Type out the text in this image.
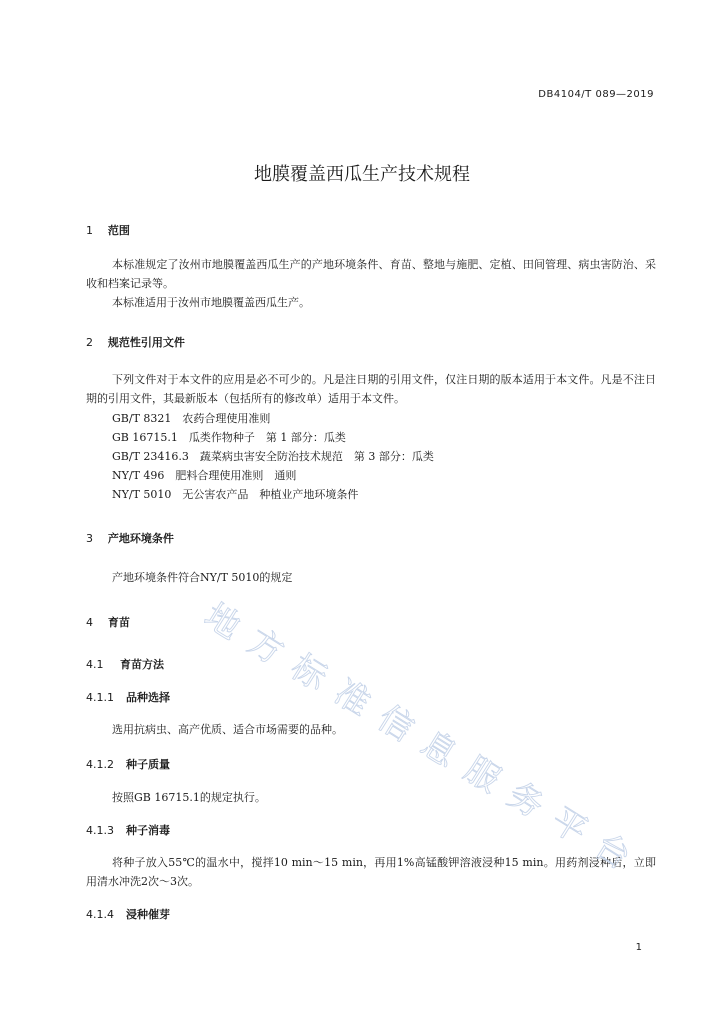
DB4104/T 089—2019
地膜覆盖西瓜生产技术规程
1 范围
本标准规定了汝州市地膜覆盖西瓜生产的产地环境条件、育苗、整地与施肥、定植、田间管理、病虫害防治、采收和档案记录等。
本标准适用于汝州市地膜覆盖西瓜生产。
2 规范性引用文件
下列文件对于本文件的应用是必不可少的。凡是注日期的引用文件，仅注日期的版本适用于本文件。凡是不注日期的引用文件，其最新版本（包括所有的修改单）适用于本文件。
GB/T 8321　农药合理使用准则
GB 16715.1　瓜类作物种子　第 1 部分：瓜类
GB/T 23416.3　蔬菜病虫害安全防治技术规范　第 3 部分：瓜类
NY/T 496　肥料合理使用准则　通则
NY/T 5010　无公害农产品　种植业产地环境条件
3 产地环境条件
产地环境条件符合NY/T 5010的规定
4 育苗
4.1 育苗方法
4.1.1 品种选择
选用抗病虫、高产优质、适合市场需要的品种。
4.1.2 种子质量
按照GB 16715.1的规定执行。
4.1.3 种子消毒
将种子放入55℃的温水中，搅拌10 min～15 min，再用1%高锰酸钾溶液浸种15 min。用药剂浸种后，立即用清水冲洗2次～3次。
4.1.4 浸种催芽
1
地
方
标
准
信
息
服
务
平
台
